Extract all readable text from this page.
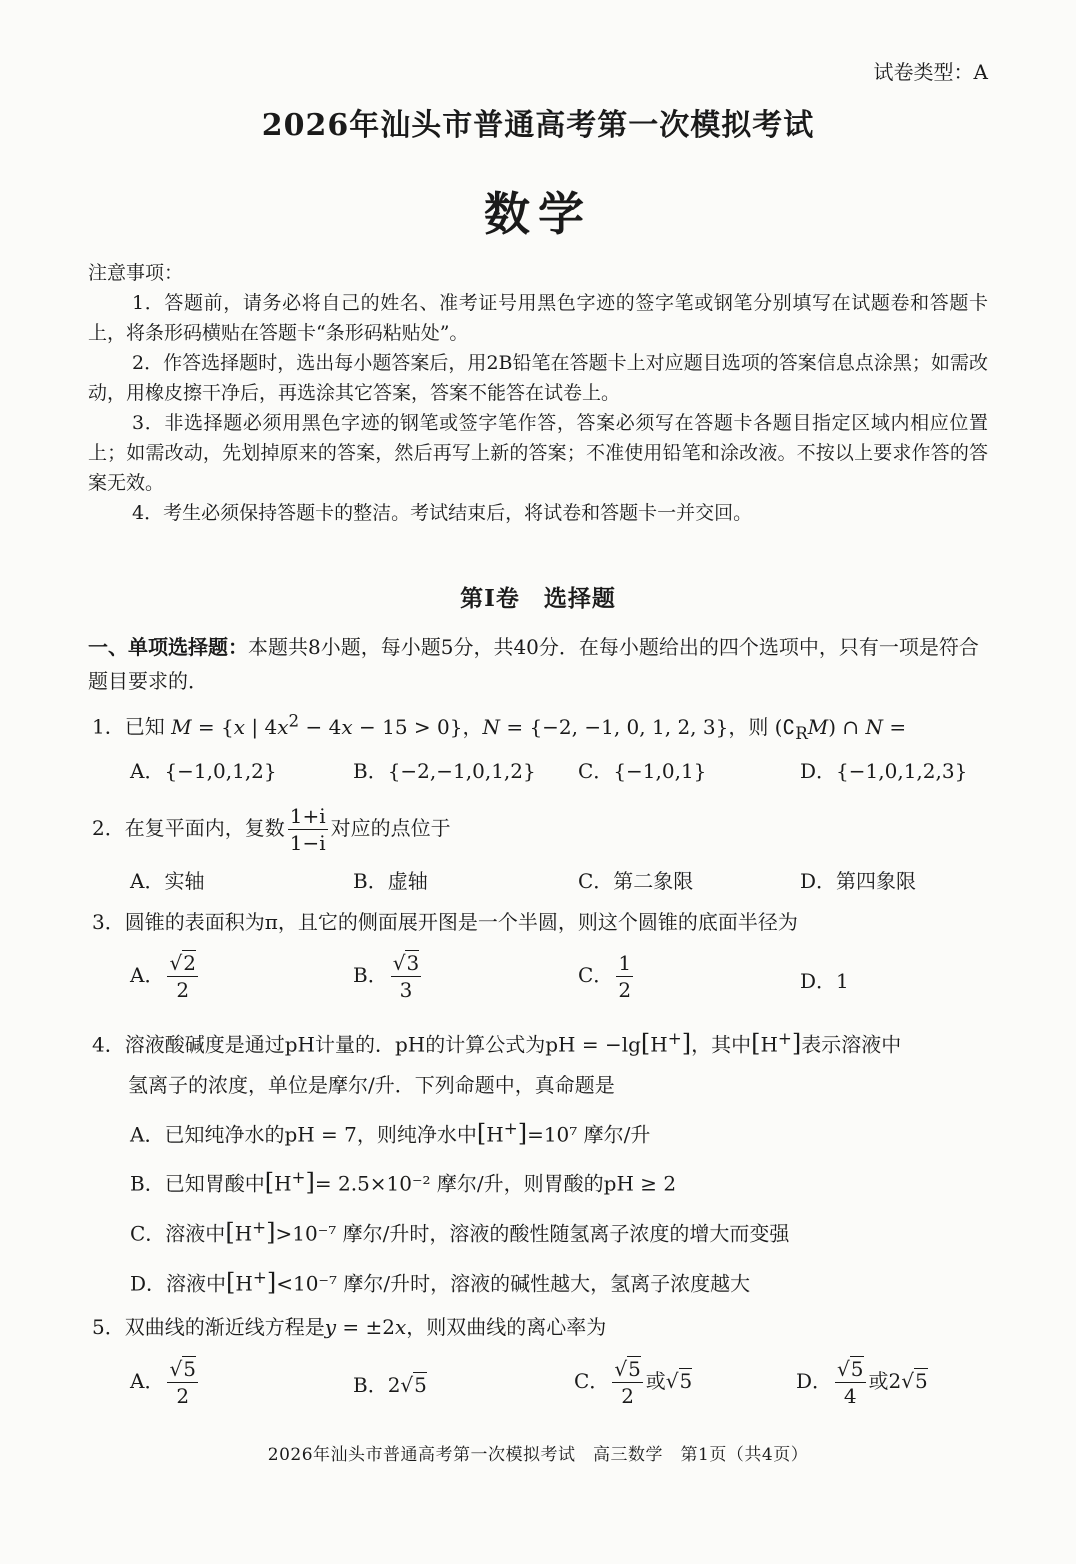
试卷类型：A
2026年汕头市普通高考第一次模拟考试
数学
注意事项：

1．答题前，请务必将自己的姓名、准考证号用黑色字迹的签字笔或钢笔分别填写在试题卷和答题卡上，将条形码横贴在答题卡“条形码粘贴处”。

2．作答选择题时，选出每小题答案后，用2B铅笔在答题卡上对应题目选项的答案信息点涂黑；如需改动，用橡皮擦干净后，再选涂其它答案，答案不能答在试卷上。

3．非选择题必须用黑色字迹的钢笔或签字笔作答，答案必须写在答题卡各题目指定区域内相应位置上；如需改动，先划掉原来的答案，然后再写上新的答案；不准使用铅笔和涂改液。不按以上要求作答的答案无效。

4．考生必须保持答题卡的整洁。考试结束后，将试卷和答题卡一并交回。

第Ⅰ卷　选择题
一、单项选择题：本题共8小题，每小题5分，共40分．在每小题给出的四个选项中，只有一项是符合题目要求的．
1．已知 M = {x | $4x^2 - 4x - 15 > 0$}，N = {−2, −1, 0, 1, 2, 3}，则 $(∁_RM)$ ∩ N =
A．{−1,0,1,2}	B．{−2,−1,0,1,2} C．{−1,0,1}	D．{−1,0,1,2,3}
2．在复平面内，复数 $\frac{1+i}{1-i}$ 对应的点位于
A．实轴	B．虚轴	C．第二象限	D．第四象限
3．圆锥的表面积为π，且它的侧面展开图是一个半圆，则这个圆锥的底面半径为
A． $\frac{√2}{2}$	B． $\frac{√3}{3}$	C． $\frac{1}{2}$	D．1
4．溶液酸碱度是通过pH计量的．pH的计算公式为pH = −lg[H+]，其中[H+]表示溶液中
氢离子的浓度，单位是摩尔/升．下列命题中，真命题是
A．已知纯净水的pH = 7，则纯净水中[H+]=10⁷ 摩尔/升
B．已知胃酸中[H+]= 2.5×10⁻² 摩尔/升，则胃酸的pH ≥ 2
C．溶液中[H+]>10⁻⁷ 摩尔/升时，溶液的酸性随氢离子浓度的增大而变强
D．溶液中[H+]<10⁻⁷ 摩尔/升时，溶液的碱性越大，氢离子浓度越大
5．双曲线的渐近线方程是y = ±2x，则双曲线的离心率为
A． $\frac{√5}{2}$	B．2√5	C． $\frac{√5}{2}$ 或√5	D． $\frac{√5}{4}$ 或2√5
2026年汕头市普通高考第一次模拟考试　高三数学　第1页（共4页）
